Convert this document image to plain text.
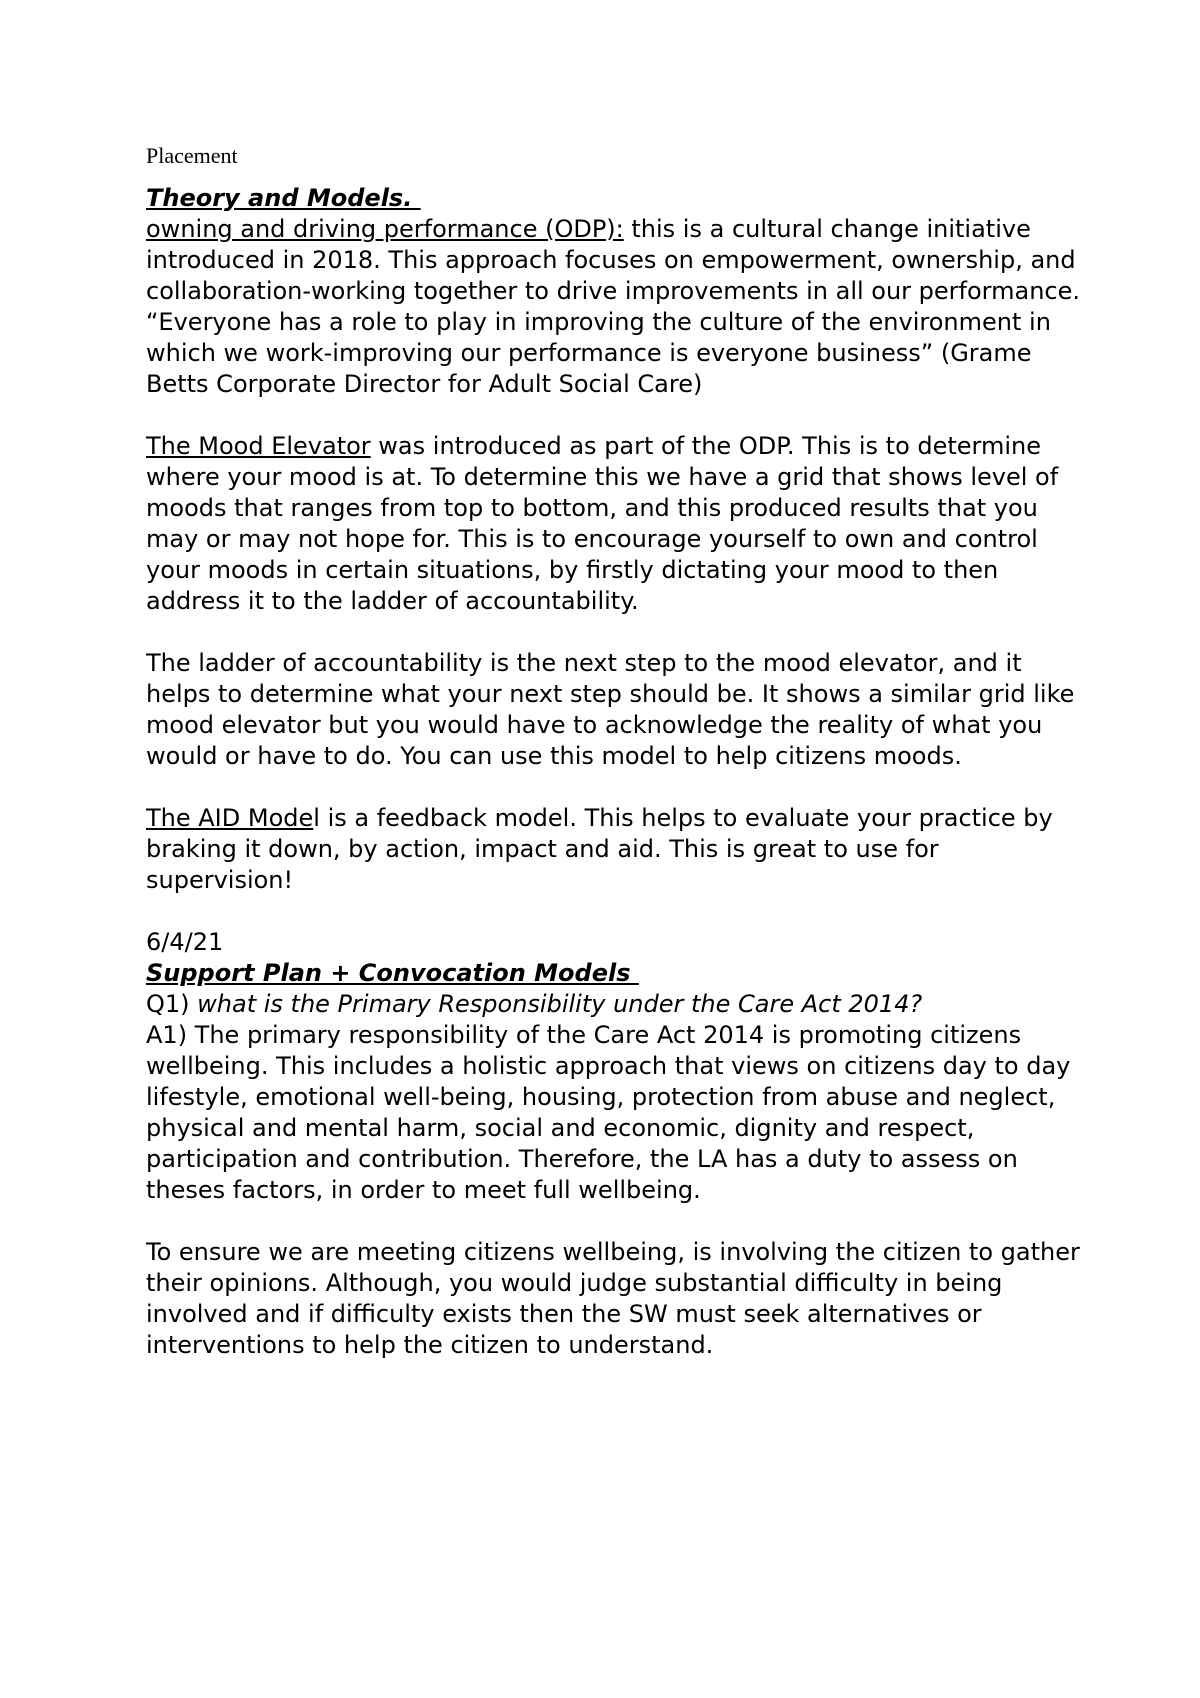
Placement

Theory and Models.

owning and driving performance (ODP): this is a cultural change initiative introduced in 2018. This approach focuses on empowerment, ownership, and collaboration-working together to drive improvements in all our performance.

“Everyone has a role to play in improving the culture of the environment in which we work-improving our performance is everyone business” (Grame Betts Corporate Director for Adult Social Care)

The Mood Elevator was introduced as part of the ODP. This is to determine where your mood is at. To determine this we have a grid that shows level of moods that ranges from top to bottom, and this produced results that you may or may not hope for. This is to encourage yourself to own and control your moods in certain situations, by firstly dictating your mood to then address it to the ladder of accountability.

The ladder of accountability is the next step to the mood elevator, and it helps to determine what your next step should be. It shows a similar grid like mood elevator but you would have to acknowledge the reality of what you would or have to do. You can use this model to help citizens moods.

The AID Model is a feedback model. This helps to evaluate your practice by braking it down, by action, impact and aid. This is great to use for supervision!

6/4/21

Support Plan + Convocation Models

Q1) what is the Primary Responsibility under the Care Act 2014?

A1) The primary responsibility of the Care Act 2014 is promoting citizens wellbeing. This includes a holistic approach that views on citizens day to day lifestyle, emotional well-being, housing, protection from abuse and neglect, physical and mental harm, social and economic, dignity and respect, participation and contribution. Therefore, the LA has a duty to assess on theses factors, in order to meet full wellbeing.

To ensure we are meeting citizens wellbeing, is involving the citizen to gather their opinions. Although, you would judge substantial difficulty in being involved and if difficulty exists then the SW must seek alternatives or interventions to help the citizen to understand.
